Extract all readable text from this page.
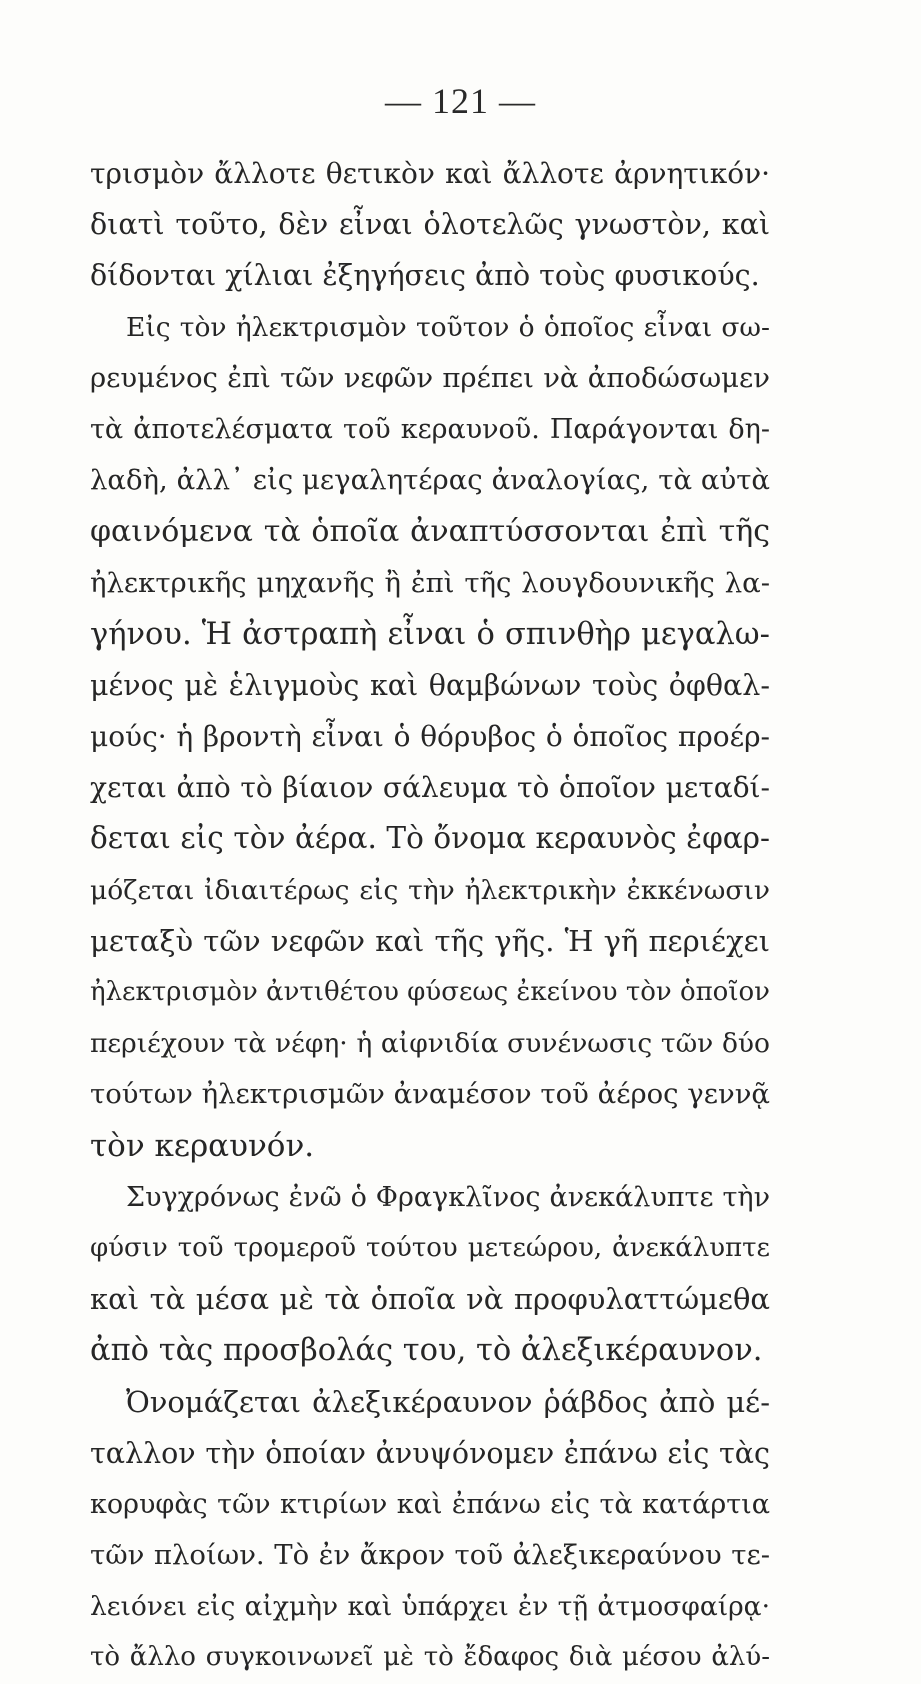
— 121 —
τρισμὸν ἄλλοτε θετικὸν καὶ ἄλλοτε ἀρνητικόν·
διατὶ τοῦτο, δὲν εἶναι ὁλοτελῶς γνωστὸν, καὶ
δίδονται χίλιαι ἐξηγήσεις ἀπὸ τοὺς φυσικούς.
Εἰς τὸν ἠλεκτρισμὸν τοῦτον ὁ ὁποῖος εἶναι σω-
ρευμένος ἐπὶ τῶν νεφῶν πρέπει νὰ ἀποδώσωμεν
τὰ ἀποτελέσματα τοῦ κεραυνοῦ. Παράγονται δη-
λαδὴ, ἀλλ᾽ εἰς μεγαλητέρας ἀναλογίας, τὰ αὐτὰ
φαινόμενα τὰ ὁποῖα ἀναπτύσσονται ἐπὶ τῆς
ἠλεκτρικῆς μηχανῆς ἢ ἐπὶ τῆς λουγδουνικῆς λα-
γήνου. Ἡ ἀστραπὴ εἶναι ὁ σπινθὴρ μεγαλω-
μένος μὲ ἑλιγμοὺς καὶ θαμβώνων τοὺς ὀφθαλ-
μούς· ἡ βροντὴ εἶναι ὁ θόρυβος ὁ ὁποῖος προέρ-
χεται ἀπὸ τὸ βίαιον σάλευμα τὸ ὁποῖον μεταδί-
δεται εἰς τὸν ἀέρα. Τὸ ὄνομα κεραυνὸς ἐφαρ-
μόζεται ἰδιαιτέρως εἰς τὴν ἠλεκτρικὴν ἐκκένωσιν
μεταξὺ τῶν νεφῶν καὶ τῆς γῆς. Ἡ γῆ περιέχει
ἠλεκτρισμὸν ἀντιθέτου φύσεως ἐκείνου τὸν ὁποῖον
περιέχουν τὰ νέφη· ἡ αἰφνιδία συνένωσις τῶν δύο
τούτων ἠλεκτρισμῶν ἀναμέσον τοῦ ἀέρος γεννᾷ
τὸν κεραυνόν.
Συγχρόνως ἐνῶ ὁ Φραγκλῖνος ἀνεκάλυπτε τὴν
φύσιν τοῦ τρομεροῦ τούτου μετεώρου, ἀνεκάλυπτε
καὶ τὰ μέσα μὲ τὰ ὁποῖα νὰ προφυλαττώμεθα
ἀπὸ τὰς προσβολάς του, τὸ ἀλεξικέραυνον.
Ὀνομάζεται ἀλεξικέραυνον ῥάβδος ἀπὸ μέ-
ταλλον τὴν ὁποίαν ἀνυψόνομεν ἐπάνω εἰς τὰς
κορυφὰς τῶν κτιρίων καὶ ἐπάνω εἰς τὰ κατάρτια
τῶν πλοίων. Τὸ ἐν ἄκρον τοῦ ἀλεξικεραύνου τε-
λειόνει εἰς αἰχμὴν καὶ ὑπάρχει ἐν τῇ ἀτμοσφαίρᾳ·
τὸ ἄλλο συγκοινωνεῖ μὲ τὸ ἔδαφος διὰ μέσου ἀλύ-
